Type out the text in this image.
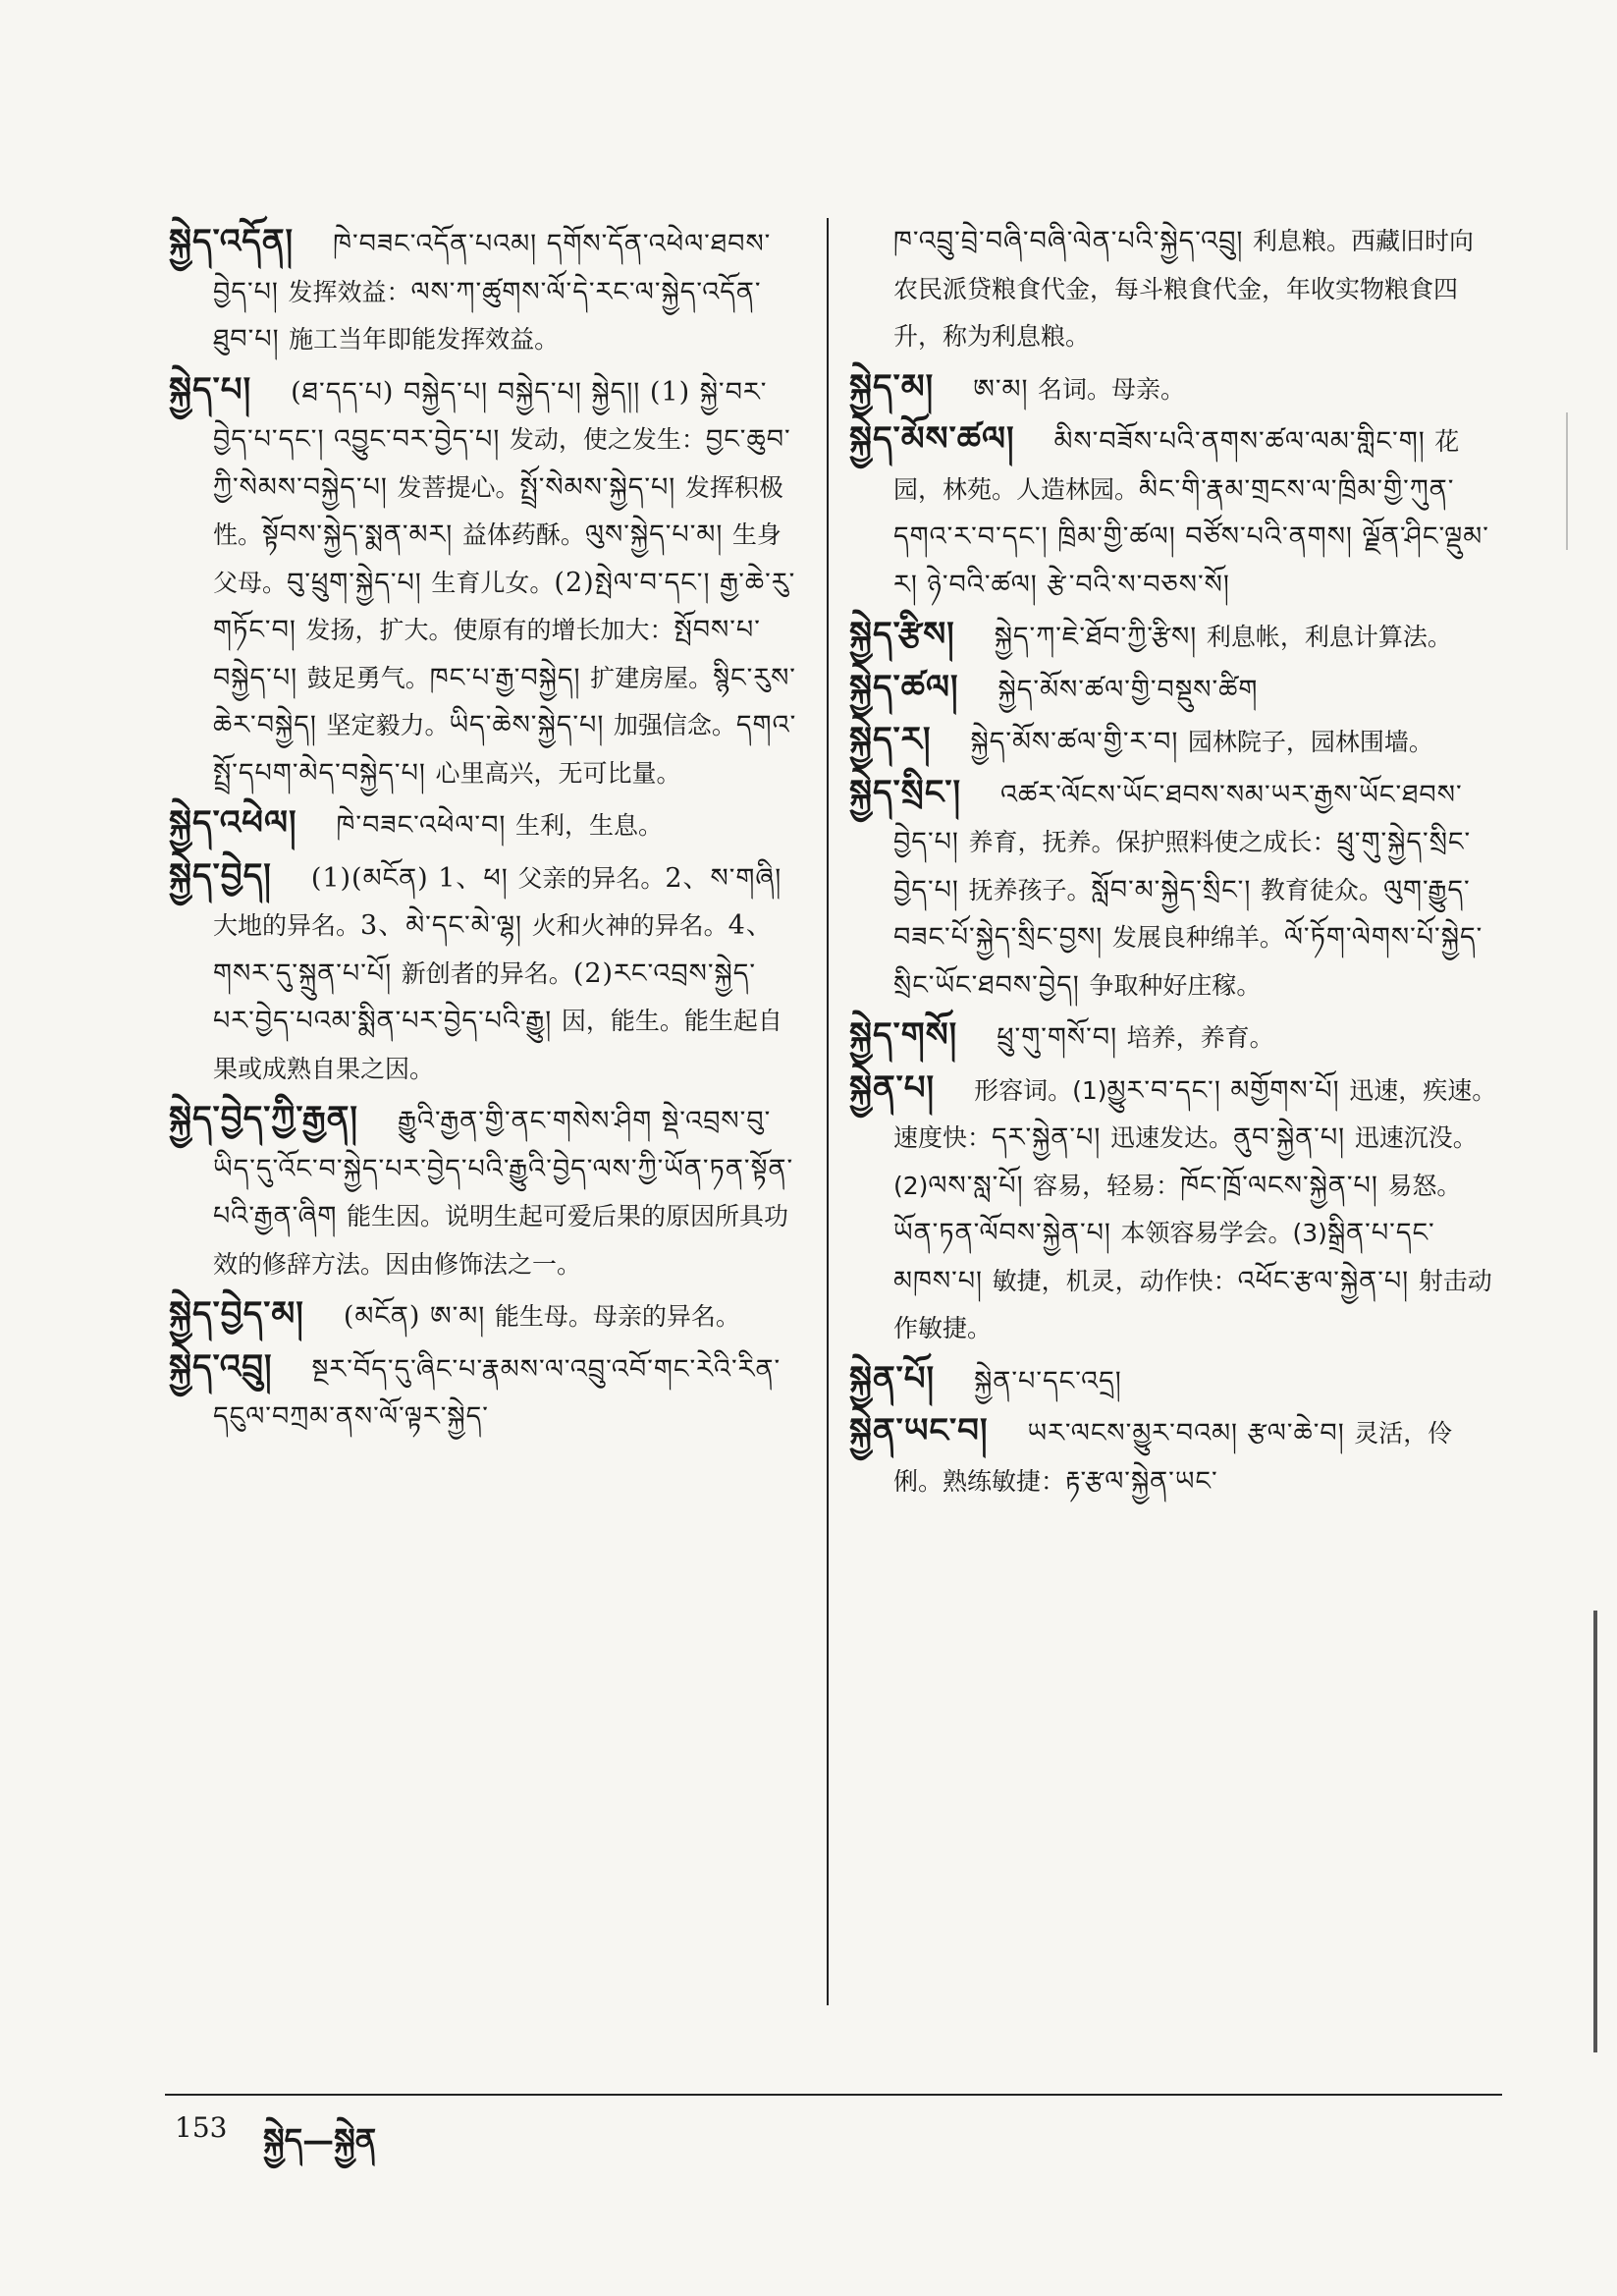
སྐྱེད་འདོན། ཁེ་བཟང་འདོན་པའམ། དགོས་དོན་འཕེལ་ཐབས་བྱེད་པ། 发挥效益：ལས་ཀ་ཚུགས་ལོ་དེ་རང་ལ་སྐྱེད་འདོན་ཐུབ་པ། 施工当年即能发挥效益。
སྐྱེད་པ། (ཐ་དད་པ) བསྐྱེད་པ། བསྐྱེད་པ། སྐྱེད།། (1) སྐྱེ་བར་བྱེད་པ་དང་། འབྱུང་བར་བྱེད་པ། 发动，使之发生：བྱང་ཆུབ་ཀྱི་སེམས་བསྐྱེད་པ། 发菩提心。སྤྲོ་སེམས་སྐྱེད་པ། 发挥积极性。སྟོབས་སྐྱེད་སྨན་མར། 益体药酥。ལུས་སྐྱེད་པ་མ། 生身父母。བུ་ཕྲུག་སྐྱེད་པ། 生育儿女。(2)སྤེལ་བ་དང་། རྒྱ་ཆེ་རུ་གཏོང་བ། 发扬，扩大。使原有的增长加大：སྤོབས་པ་བསྐྱེད་པ། 鼓足勇气。ཁང་པ་རྒྱ་བསྐྱེད། 扩建房屋。སྙིང་རུས་ཆེར་བསྐྱེད། 坚定毅力。ཡིད་ཆེས་སྐྱེད་པ། 加强信念。དགའ་སྤྲོ་དཔག་མེད་བསྐྱེད་པ། 心里高兴，无可比量。
སྐྱེད་འཕེལ། ཁེ་བཟང་འཕེལ་བ། 生利，生息。
སྐྱེད་བྱེད། (1)(མངོན) 1、ཕ། 父亲的异名。2、ས་གཞི། 大地的异名。3、མེ་དང་མེ་ལྷ། 火和火神的异名。4、གསར་དུ་སྐྲུན་པ་པོ། 新创者的异名。(2)རང་འབྲས་སྐྱེད་པར་བྱེད་པའམ་སྨིན་པར་བྱེད་པའི་རྒྱུ། 因，能生。能生起自果或成熟自果之因。
སྐྱེད་བྱེད་ཀྱི་རྒྱན། རྒྱུའི་རྒྱན་གྱི་ནང་གསེས་ཤིག སྡེ་འབྲས་བུ་ཡིད་དུ་འོང་བ་སྐྱེད་པར་བྱེད་པའི་རྒྱུའི་བྱེད་ལས་ཀྱི་ཡོན་ཏན་སྟོན་པའི་རྒྱན་ཞིག 能生因。说明生起可爱后果的原因所具功效的修辞方法。因由修饰法之一。
སྐྱེད་བྱེད་མ། (མངོན) ཨ་མ། 能生母。母亲的异名。
སྐྱེད་འབྲུ། སྔར་བོད་དུ་ཞིང་པ་རྣམས་ལ་འབྲུ་འབོ་གང་རེའི་རིན་དངུལ་བཀྲམ་ནས་ལོ་ལྟར་སྐྱེད་
ཁ་འབྲུ་བྲེ་བཞི་བཞི་ལེན་པའི་སྐྱེད་འབྲུ། 利息粮。西藏旧时向农民派贷粮食代金，每斗粮食代金，年收实物粮食四升，称为利息粮。
སྐྱེད་མ། ཨ་མ། 名词。母亲。
སྐྱེད་མོས་ཚལ། མིས་བཟོས་པའི་ནགས་ཚལ་ལམ་གླིང་ག། 花园，林苑。人造林园。མིང་གི་རྣམ་གྲངས་ལ་ཁྲིམ་གྱི་ཀུན་དགའ་ར་བ་དང་། ཁྲིམ་གྱི་ཚལ། བཙོས་པའི་ནགས། ལྗོན་ཤིང་ལྡུམ་ར། ཉེ་བའི་ཚལ། རྩེ་བའི་ས་བཅས་སོ།
སྐྱེད་རྩིས། སྐྱེད་ཀ་ཇེ་ཐོབ་ཀྱི་རྩིས། 利息帐，利息计算法。
སྐྱེད་ཚལ། སྐྱེད་མོས་ཚལ་གྱི་བསྡུས་ཚིག
སྐྱེད་ར། སྐྱེད་མོས་ཚལ་གྱི་ར་བ། 园林院子，园林围墙。
སྐྱེད་སྲིང་། འཚར་ལོངས་ཡོང་ཐབས་སམ་ཡར་རྒྱས་ཡོང་ཐབས་བྱེད་པ། 养育，抚养。保护照料使之成长：ཕྲུ་གུ་སྐྱེད་སྲིང་བྱེད་པ། 抚养孩子。སློབ་མ་སྐྱེད་སྲིང་། 教育徒众。ལུག་རྒྱུད་བཟང་པོ་སྐྱེད་སྲིང་བྱས། 发展良种绵羊。ལོ་ཏོག་ལེགས་པོ་སྐྱེད་སྲིང་ཡོང་ཐབས་བྱེད། 争取种好庄稼。
སྐྱེད་གསོ། ཕྲུ་གུ་གསོ་བ། 培养，养育。
སྐྱེན་པ། 形容词。(1)མྱུར་བ་དང་། མགྱོགས་པོ། 迅速，疾速。速度快：དར་སྐྱེན་པ། 迅速发达。ནུབ་སྐྱེན་པ། 迅速沉没。(2)ལས་སླ་པོ། 容易，轻易：ཁོང་ཁྲོ་ལངས་སྐྱེན་པ། 易怒。ཡོན་ཏན་ལོབས་སྐྱེན་པ། 本领容易学会。(3)སྒྲིན་པ་དང་མཁས་པ། 敏捷，机灵，动作快：འཕོང་རྩལ་སྐྱེན་པ། 射击动作敏捷。
སྐྱེན་པོ། སྐྱེན་པ་དང་འདྲ།
སྐྱེན་ཡང་བ། ཡར་ལངས་མྱུར་བའམ། རྩལ་ཆེ་བ། 灵活，伶俐。熟练敏捷：རྟ་རྩལ་སྐྱེན་ཡང་
153 སྐྱེད—སྐྱེན
